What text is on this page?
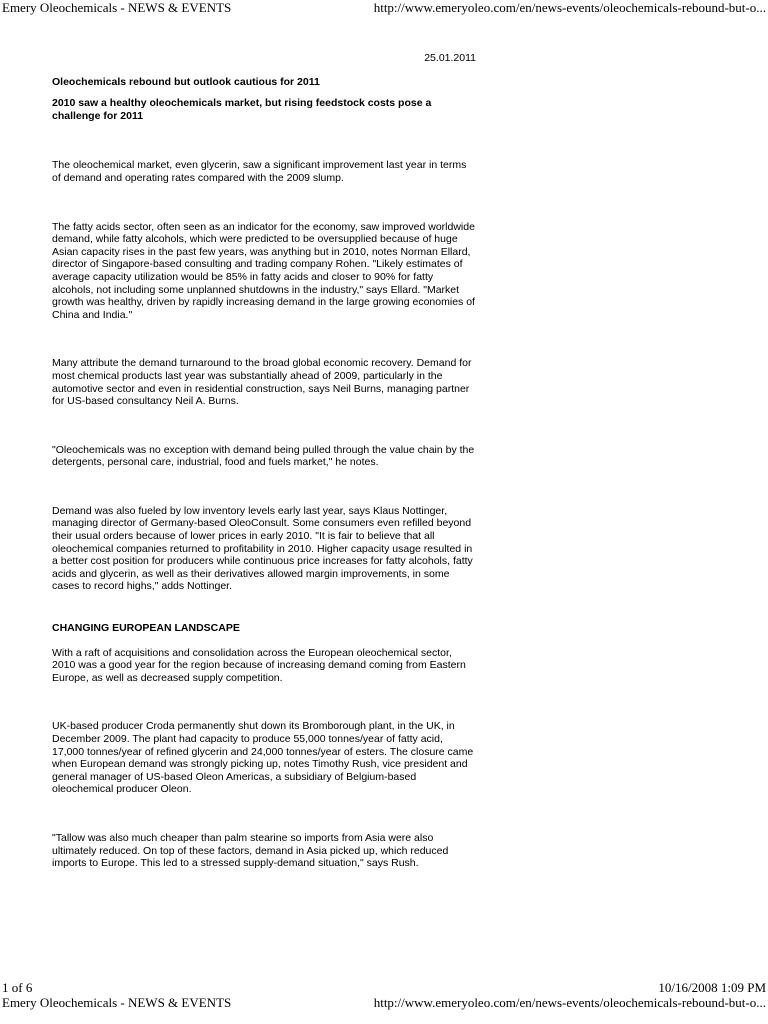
Emery Oleochemicals - NEWS & EVENTS	http://www.emeryoleo.com/en/news-events/oleochemicals-rebound-but-o...

25.01.2011

Oleochemicals rebound but outlook cautious for 2011
2010 saw a healthy oleochemicals market, but rising feedstock costs pose a challenge for 2011

The oleochemical market, even glycerin, saw a significant improvement last year in terms of demand and operating rates compared with the 2009 slump.

The fatty acids sector, often seen as an indicator for the economy, saw improved worldwide demand, while fatty alcohols, which were predicted to be oversupplied because of huge Asian capacity rises in the past few years, was anything but in 2010, notes Norman Ellard, director of Singapore-based consulting and trading company Rohen. "Likely estimates of average capacity utilization would be 85% in fatty acids and closer to 90% for fatty alcohols, not including some unplanned shutdowns in the industry," says Ellard. "Market growth was healthy, driven by rapidly increasing demand in the large growing economies of China and India."

Many attribute the demand turnaround to the broad global economic recovery. Demand for most chemical products last year was substantially ahead of 2009, particularly in the automotive sector and even in residential construction, says Neil Burns, managing partner for US-based consultancy Neil A. Burns.

"Oleochemicals was no exception with demand being pulled through the value chain by the detergents, personal care, industrial, food and fuels market," he notes.

Demand was also fueled by low inventory levels early last year, says Klaus Nottinger, managing director of Germany-based OleoConsult. Some consumers even refilled beyond their usual orders because of lower prices in early 2010. "It is fair to believe that all oleochemical companies returned to profitability in 2010. Higher capacity usage resulted in a better cost position for producers while continuous price increases for fatty alcohols, fatty acids and glycerin, as well as their derivatives allowed margin improvements, in some cases to record highs," adds Nottinger.

CHANGING EUROPEAN LANDSCAPE

With a raft of acquisitions and consolidation across the European oleochemical sector, 2010 was a good year for the region because of increasing demand coming from Eastern Europe, as well as decreased supply competition.

UK-based producer Croda permanently shut down its Bromborough plant, in the UK, in December 2009. The plant had capacity to produce 55,000 tonnes/year of fatty acid, 17,000 tonnes/year of refined glycerin and 24,000 tonnes/year of esters. The closure came when European demand was strongly picking up, notes Timothy Rush, vice president and general manager of US-based Oleon Americas, a subsidiary of Belgium-based oleochemical producer Oleon.

"Tallow was also much cheaper than palm stearine so imports from Asia were also ultimately reduced. On top of these factors, demand in Asia picked up, which reduced imports to Europe. This led to a stressed supply-demand situation," says Rush.

1 of 6	10/16/2008 1:09 PM
Emery Oleochemicals - NEWS & EVENTS	http://www.emeryoleo.com/en/news-events/oleochemicals-rebound-but-o...
